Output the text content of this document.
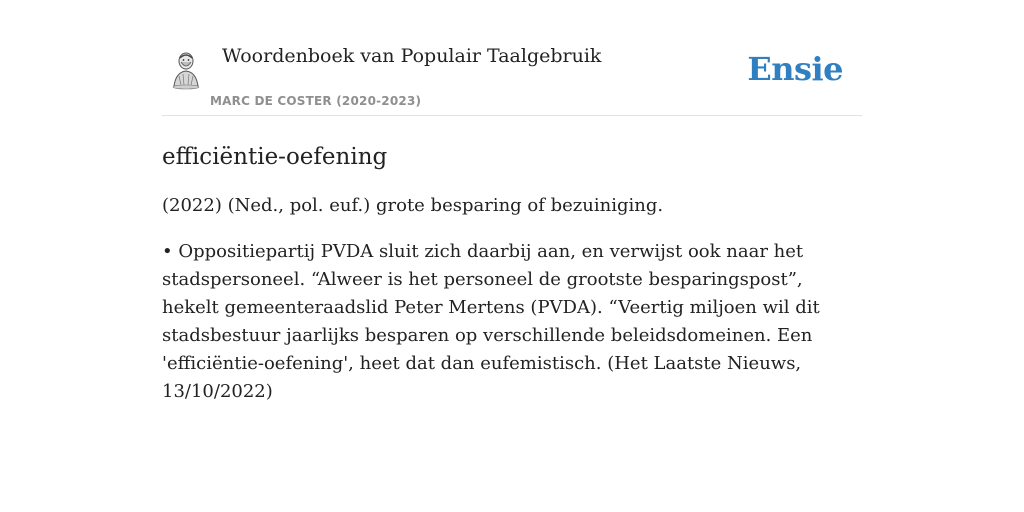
Woordenboek van Populair Taalgebruik
MARC DE COSTER (2020-2023)
Ensie
efficiëntie-oefening

(2022) (Ned., pol. euf.) grote besparing of bezuiniging.

• Oppositiepartij PVDA sluit zich daarbij aan, en verwijst ook naar het stadspersoneel. “Alweer is het personeel de grootste besparingspost”, hekelt gemeenteraadslid Peter Mertens (PVDA). “Veertig miljoen wil dit stadsbestuur jaarlijks besparen op verschillende beleidsdomeinen. Een 'efficiëntie-oefening', heet dat dan eufemistisch. (Het Laatste Nieuws, 13/10/2022)
